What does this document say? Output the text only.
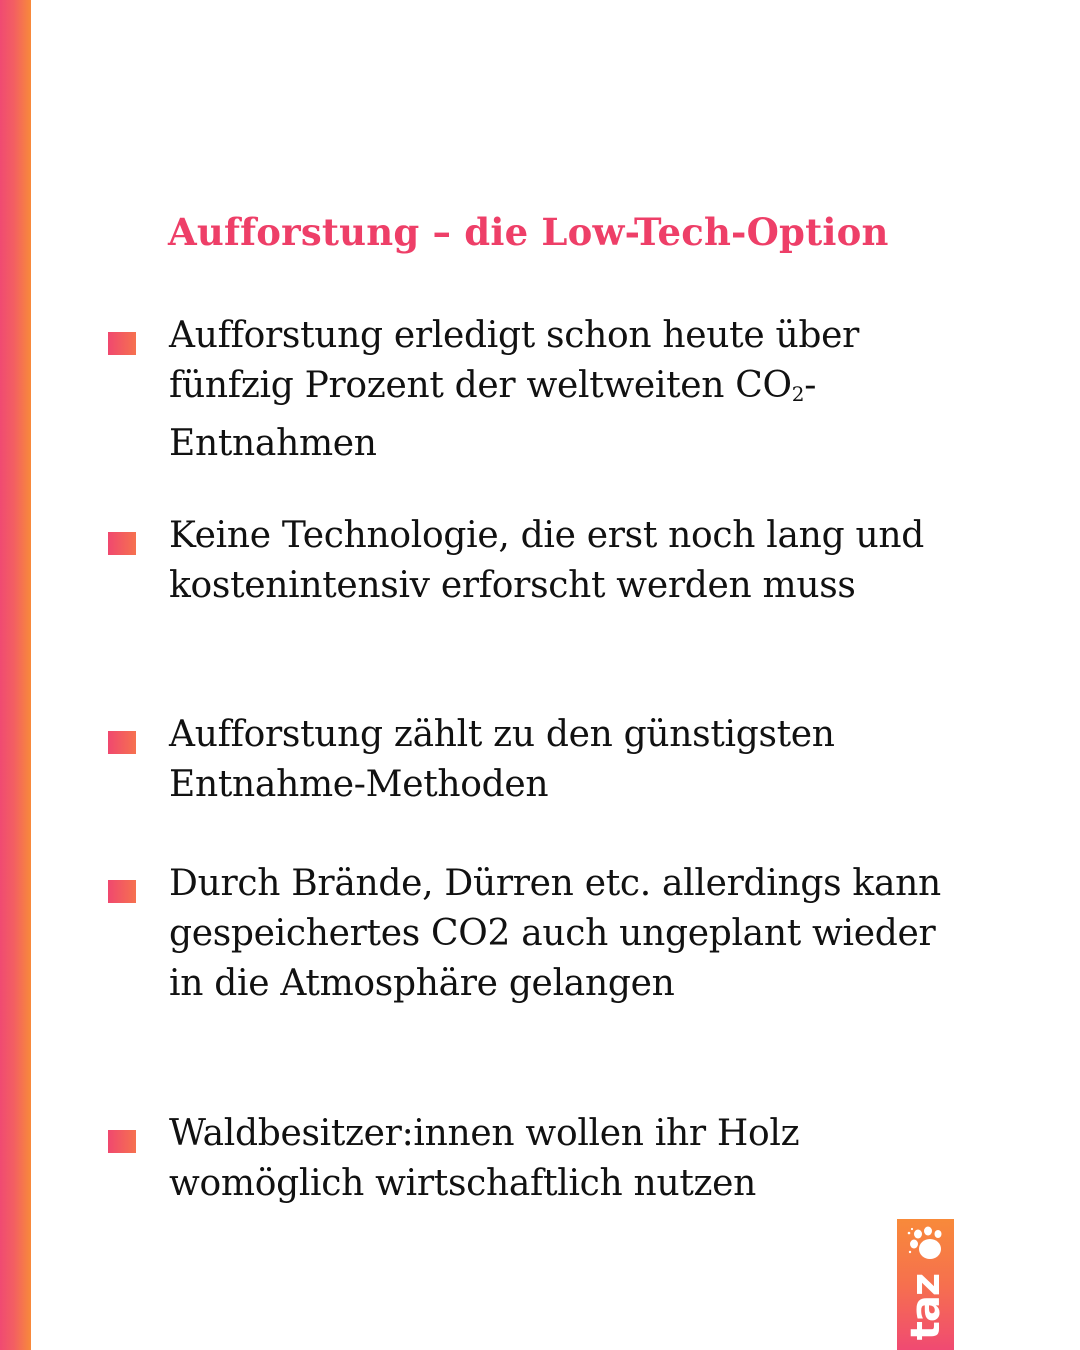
Aufforstung – die Low-Tech-Option
Aufforstung erledigt schon heute über fünfzig Prozent der weltweiten $CO_2-$ Entnahmen
Keine Technologie, die erst noch lang und kostenintensiv erforscht werden muss
Aufforstung zählt zu den günstigsten Entnahme-Methoden
Durch Brände, Dürren etc. allerdings kann gespeichertes CO2 auch ungeplant wieder in die Atmosphäre gelangen
Waldbesitzer:innen wollen ihr Holz womöglich wirtschaftlich nutzen
taz
